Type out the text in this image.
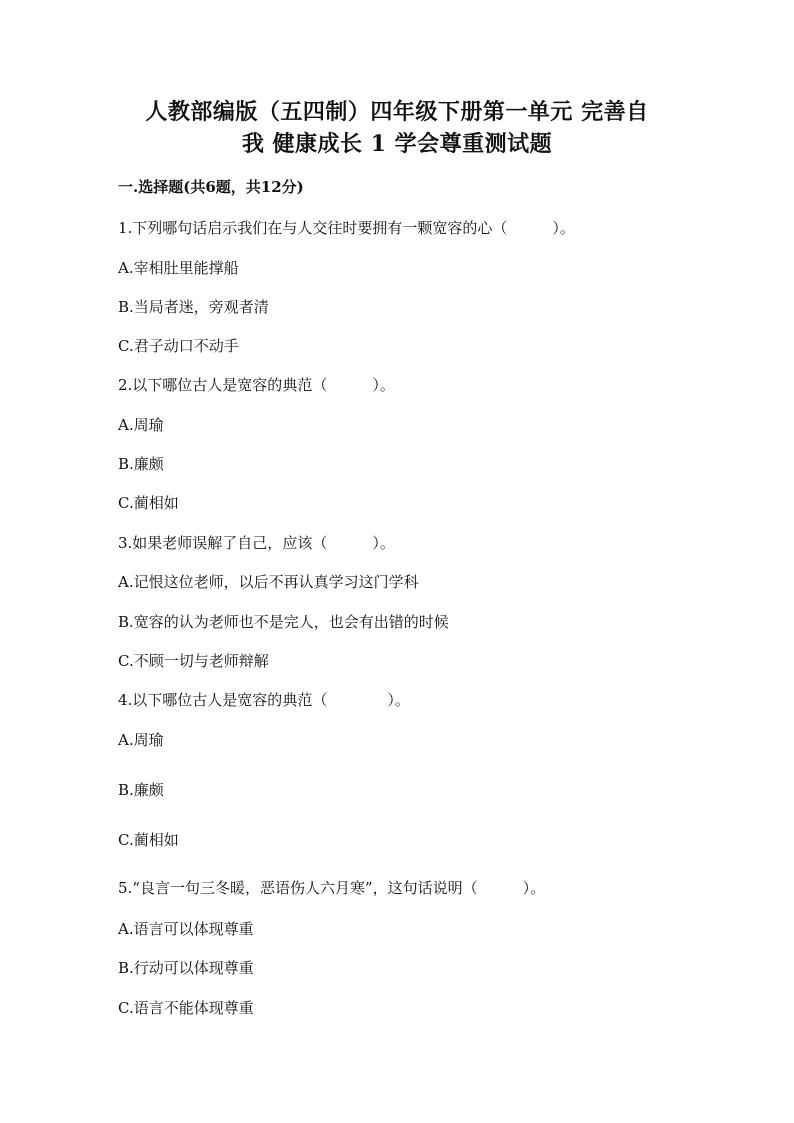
人教部编版（五四制）四年级下册第一单元 完善自
我 健康成长 1 学会尊重测试题
一.选择题(共6题，共12分)
1.下列哪句话启示我们在与人交往时要拥有一颗宽容的心（　　　）。
A.宰相肚里能撑船
B.当局者迷，旁观者清
C.君子动口不动手
2.以下哪位古人是宽容的典范（　　　）。
A.周瑜
B.廉颇
C.蔺相如
3.如果老师误解了自己，应该（　　　）。
A.记恨这位老师，以后不再认真学习这门学科
B.宽容的认为老师也不是完人，也会有出错的时候
C.不顾一切与老师辩解
4.以下哪位古人是宽容的典范（　　　　）。
A.周瑜
B.廉颇
C.蔺相如
5.“良言一句三冬暖，恶语伤人六月寒”，这句话说明（　　　）。
A.语言可以体现尊重
B.行动可以体现尊重
C.语言不能体现尊重
